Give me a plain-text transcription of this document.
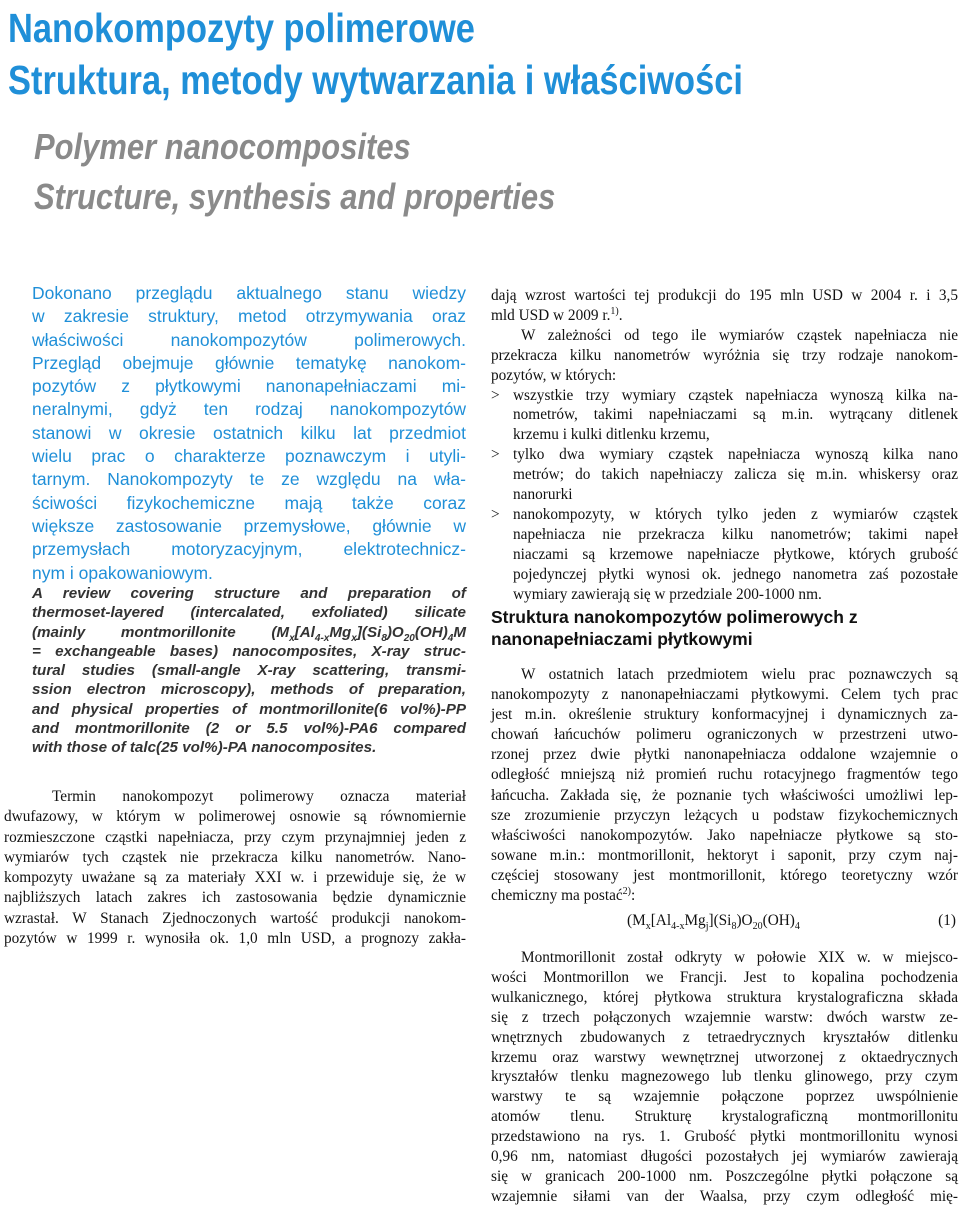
Nanokompozyty polimerowe
Struktura, metody wytwarzania i właściwości
Polymer nanocomposites
Structure, synthesis and properties
Dokonano przeglądu aktualnego stanu wiedzy
w zakresie struktury, metod otrzymywania oraz
właściwości nanokompozytów polimerowych.
Przegląd obejmuje głównie tematykę nanokom-
pozytów z płytkowymi nanonapełniaczami mi-
neralnymi, gdyż ten rodzaj nanokompozytów
stanowi w okresie ostatnich kilku lat przedmiot
wielu prac o charakterze poznawczym i utyli-
tarnym. Nanokompozyty te ze względu na wła-
ściwości fizykochemiczne mają także coraz
większe zastosowanie przemysłowe, głównie w
przemysłach motoryzacyjnym, elektrotechnicz-
nym i opakowaniowym.
A review covering structure and preparation of
thermoset-layered (intercalated, exfoliated) silicate
(mainly montmorillonite ($M_x[Al_{4-x}Mg_x](Si_8)O_{20}(OH)_4M$
= exchangeable bases) nanocomposites, X-ray struc-
tural studies (small-angle X-ray scattering, transmi-
ssion electron microscopy), methods of preparation,
and physical properties of montmorillonite(6 vol%)-PP
and montmorillonite (2 or 5.5 vol%)-PA6 compared
with those of talc(25 vol%)-PA nanocomposites.
Termin nanokompozyt polimerowy oznacza materiał
dwufazowy, w którym w polimerowej osnowie są równomiernie
rozmieszczone cząstki napełniacza, przy czym przynajmniej jeden z
wymiarów tych cząstek nie przekracza kilku nanometrów. Nano-
kompozyty uważane są za materiały XXI w. i przewiduje się, że w
najbliższych latach zakres ich zastosowania będzie dynamicznie
wzrastał. W Stanach Zjednoczonych wartość produkcji nanokom-
pozytów w 1999 r. wynosiła ok. 1,0 mln USD, a prognozy zakła-
dają wzrost wartości tej produkcji do 195 mln USD w 2004 r. i 3,5
mld USD w 2009 r.$^{1)}$.
W zależności od tego ile wymiarów cząstek napełniacza nie
przekracza kilku nanometrów wyróżnia się trzy rodzaje nanokom-
pozytów, w których:
> wszystkie trzy wymiary cząstek napełniacza wynoszą kilka na-
nometrów, takimi napełniaczami są m.in. wytrącany ditlenek
krzemu i kulki ditlenku krzemu,
> tylko dwa wymiary cząstek napełniacza wynoszą kilka nano
metrów; do takich napełniaczy zalicza się m.in. whiskersy oraz
nanorurki
> nanokompozyty, w których tylko jeden z wymiarów cząstek
napełniacza nie przekracza kilku nanometrów; takimi napeł
niaczami są krzemowe napełniacze płytkowe, których grubość
pojedynczej płytki wynosi ok. jednego nanometra zaś pozostałe
wymiary zawierają się w przedziale 200-1000 nm.
Struktura nanokompozytów polimerowych z nanonapełniaczami płytkowymi
W ostatnich latach przedmiotem wielu prac poznawczych są
nanokompozyty z nanonapełniaczami płytkowymi. Celem tych prac
jest m.in. określenie struktury konformacyjnej i dynamicznych za-
chowań łańcuchów polimeru ograniczonych w przestrzeni utwo-
rzonej przez dwie płytki nanonapełniacza oddalone wzajemnie o
odległość mniejszą niż promień ruchu rotacyjnego fragmentów tego
łańcucha. Zakłada się, że poznanie tych właściwości umożliwi lep-
sze zrozumienie przyczyn leżących u podstaw fizykochemicznych
właściwości nanokompozytów. Jako napełniacze płytkowe są sto-
sowane m.in.: montmorillonit, hektoryt i saponit, przy czym naj-
częściej stosowany jest montmorillonit, którego teoretyczny wzór
chemiczny ma postać$^{2)}$:
($M_x[Al_{4-x}Mg_j](Si_8)O_{20}(OH)_4$	(1)
Montmorillonit został odkryty w połowie XIX w. w miejsco-
wości Montmorillon we Francji. Jest to kopalina pochodzenia
wulkanicznego, której płytkowa struktura krystalograficzna składa
się z trzech połączonych wzajemnie warstw: dwóch warstw ze-
wnętrznych zbudowanych z tetraedrycznych kryształów ditlenku
krzemu oraz warstwy wewnętrznej utworzonej z oktaedrycznych
kryształów tlenku magnezowego lub tlenku glinowego, przy czym
warstwy te są wzajemnie połączone poprzez uwspólnienie
atomów tlenu. Strukturę krystalograficzną montmorillonitu
przedstawiono na rys. 1. Grubość płytki montmorillonitu wynosi
0,96 nm, natomiast długości pozostałych jej wymiarów zawierają
się w granicach 200-1000 nm. Poszczególne płytki połączone są
wzajemnie siłami van der Waalsa, przy czym odległość mię-
